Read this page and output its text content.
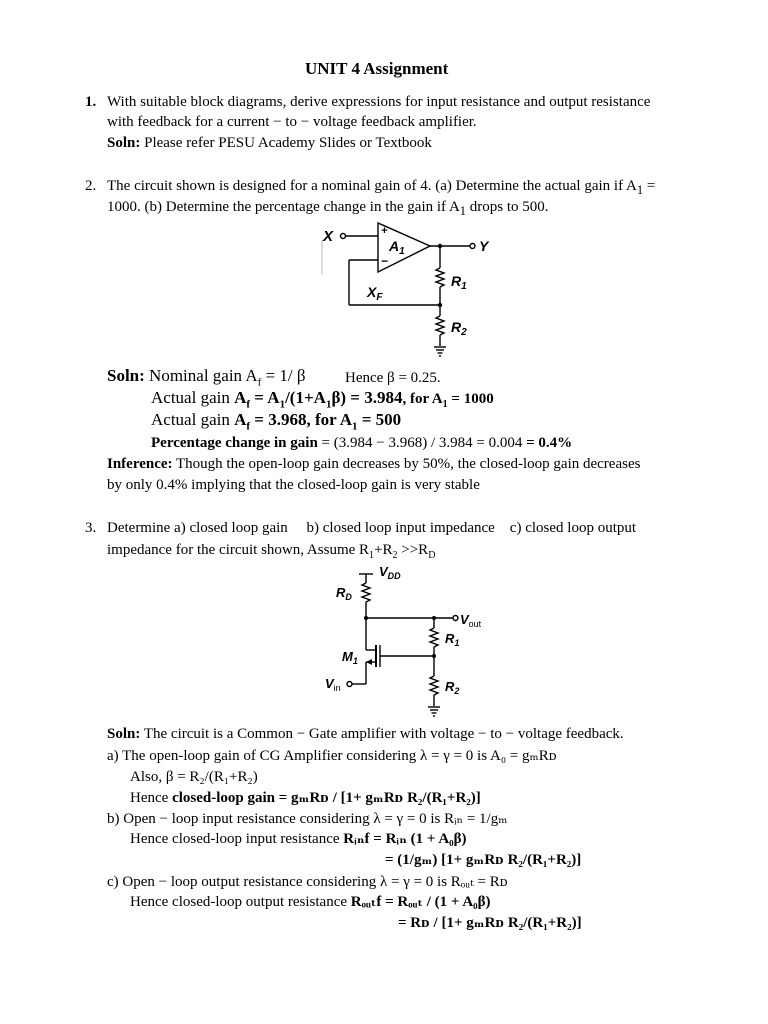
UNIT 4 Assignment
1. With suitable block diagrams, derive expressions for input resistance and output resistance
with feedback for a current − to − voltage feedback amplifier.
Soln: Please refer PESU Academy Slides or Textbook
2. The circuit shown is designed for a nominal gain of 4. (a) Determine the actual gain if $A_1$ =
1000. (b) Determine the percentage change in the gain if $A_1$ drops to 500.
X
Y
+
−
$A_1$
$X_F$
$R_1$
$R_2$
Soln: Nominal gain $A_f = 1/$ β	Hence β = 0.25.
Actual gain $A_f = A_1/(1+A_1\beta) = 3.984$, for $A_1 = 1000$
Actual gain $A_f = 3.968$, for $A_1 = 500$
Percentage change in gain = (3.984 − 3.968) / 3.984 = 0.004 = 0.4%
Inference: Though the open-loop gain decreases by 50%, the closed-loop gain decreases
by only 0.4% implying that the closed-loop gain is very stable
3. Determine a) closed loop gain     b) closed loop input impedance    c) closed loop output
impedance for the circuit shown, Assume $R_1+R_2 >>R_D$
$V_{DD}$
$R_D$
$V_{out}$
$R_1$
$M_1$
$V_{in}$	$R_2$
Soln: The circuit is a Common − Gate amplifier with voltage − to − voltage feedback.
a) The open-loop gain of CG Amplifier considering λ = γ = 0 is A₀ = gₘRᴅ
Also, β = R₂/(R₁+R₂)
Hence closed-loop gain = gₘRᴅ / [1+ gₘRᴅ R₂/(R₁+R₂)]
b) Open − loop input resistance considering λ = γ = 0 is Rᵢₙ = 1/gₘ
Hence closed-loop input resistance Rᵢₙf = Rᵢₙ (1 + A₀β)
= (1/gₘ) [1+ gₘRᴅ R₂/(R₁+R₂)]
c) Open − loop output resistance considering λ = γ = 0 is Rₒᵤₜ = Rᴅ
Hence closed-loop output resistance Rₒᵤₜf = Rₒᵤₜ / (1 + A₀β)
= Rᴅ / [1+ gₘRᴅ R₂/(R₁+R₂)]
